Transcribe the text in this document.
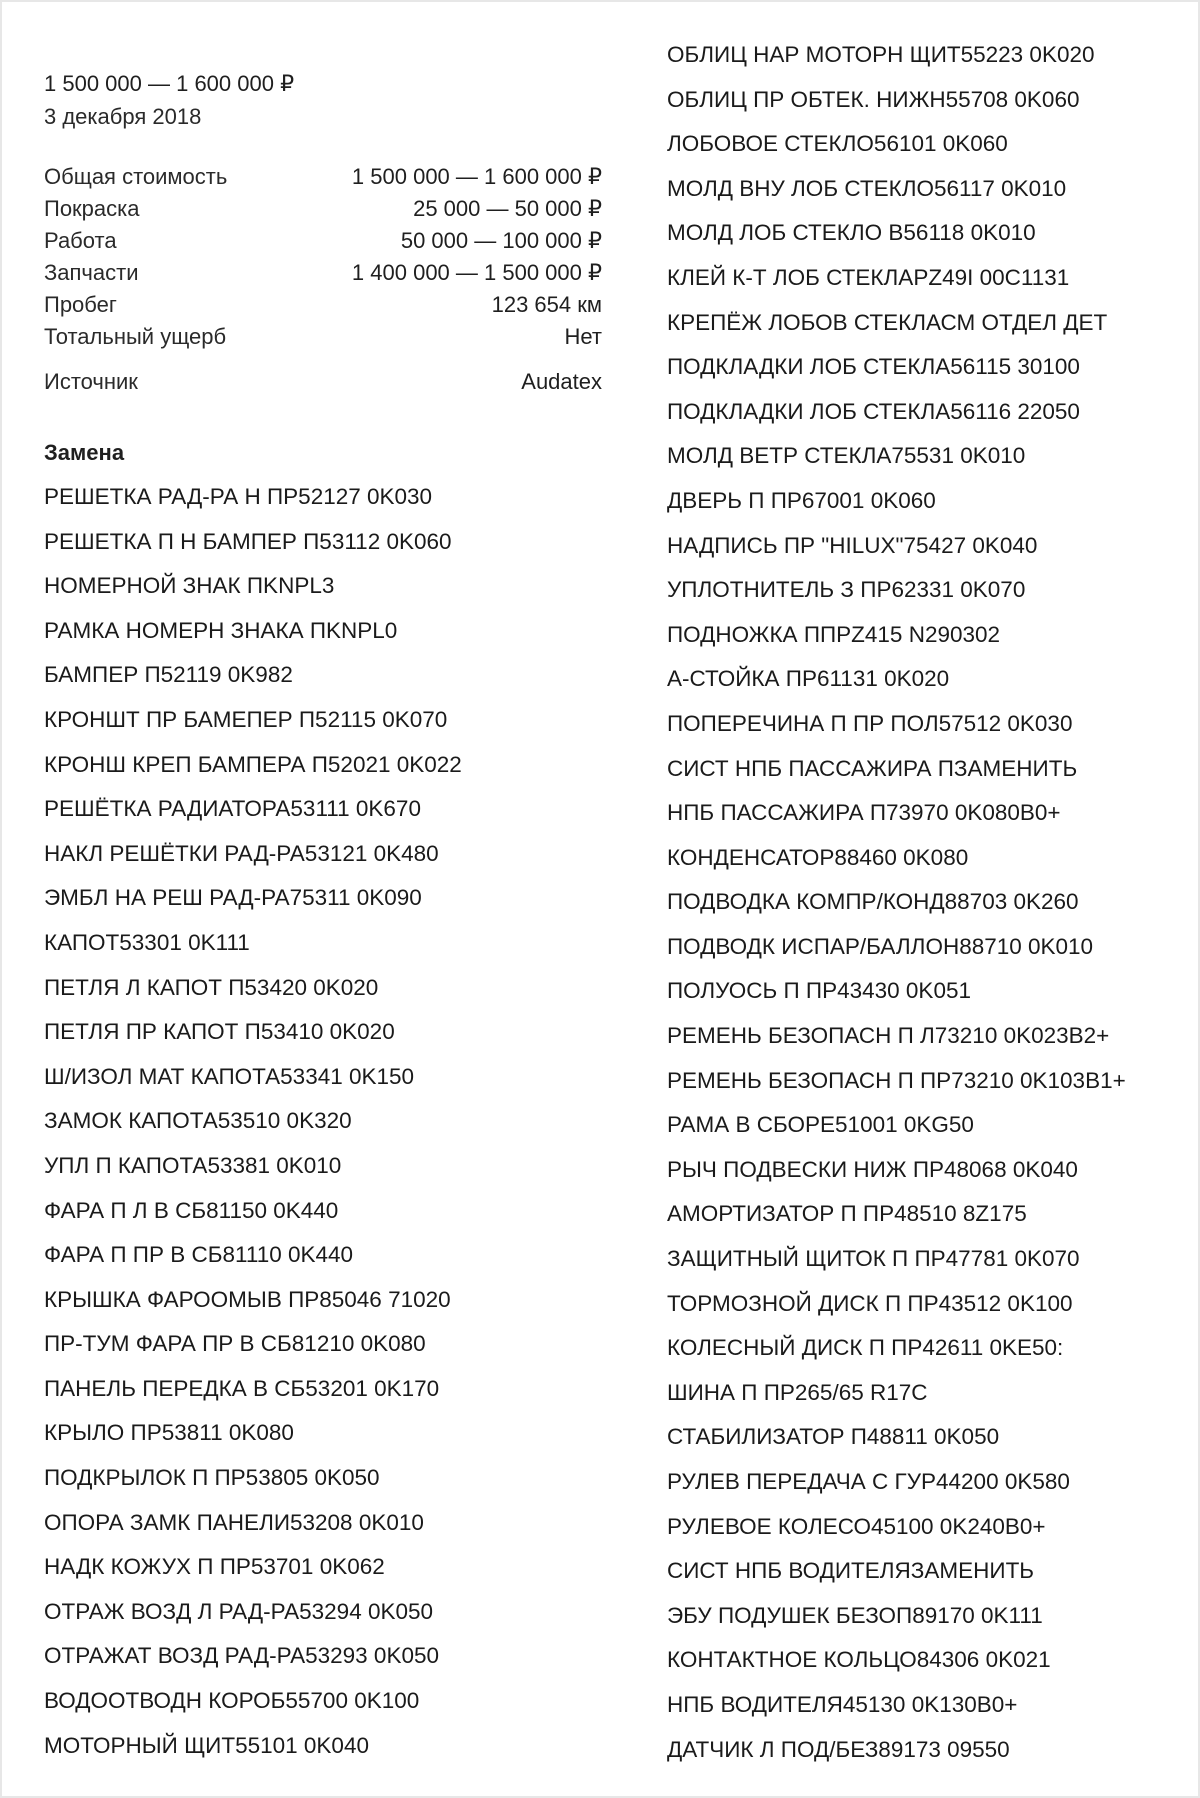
1 500 000 — 1 600 000 ₽
3 декабря 2018
Общая стоимость	1 500 000 — 1 600 000 ₽
Покраска	25 000 — 50 000 ₽
Работа	50 000 — 100 000 ₽
Запчасти	1 400 000 — 1 500 000 ₽
Пробег	123 654 км
Тотальный ущерб	Нет
Источник	Audatex
Замена
РЕШЕТКА РАД-РА Н ПР52127 0K030
РЕШЕТКА П Н БАМПЕР П53112 0K060
НОМЕРНОЙ ЗНАК ПKNPL3
РАМКА НОМЕРН ЗНАКА ПKNPL0
БАМПЕР П52119 0K982
КРОНШТ ПР БАМЕПЕР П52115 0K070
КРОНШ КРЕП БАМПЕРА П52021 0K022
РЕШЁТКА РАДИАТОРА53111 0K670
НАКЛ РЕШЁТКИ РАД-РА53121 0K480
ЭМБЛ НА РЕШ РАД-РА75311 0K090
КАПОТ53301 0K111
ПЕТЛЯ Л КАПОТ П53420 0K020
ПЕТЛЯ ПР КАПОТ П53410 0K020
Ш/ИЗОЛ МАТ КАПОТА53341 0K150
ЗАМОК КАПОТА53510 0K320
УПЛ П КАПОТА53381 0K010
ФАРА П Л В СБ81150 0K440
ФАРА П ПР В СБ81110 0K440
КРЫШКА ФАРООМЫВ ПР85046 71020
ПР-ТУМ ФАРА ПР В СБ81210 0K080
ПАНЕЛЬ ПЕРЕДКА В СБ53201 0K170
КРЫЛО ПР53811 0K080
ПОДКРЫЛОК П ПР53805 0K050
ОПОРА ЗАМК ПАНЕЛИ53208 0K010
НАДК КОЖУХ П ПР53701 0K062
ОТРАЖ ВОЗД Л РАД-РА53294 0K050
ОТРАЖАТ ВОЗД РАД-РА53293 0K050
ВОДООТВОДН КОРОБ55700 0K100
МОТОРНЫЙ ЩИТ55101 0K040
ОБЛИЦ НАР МОТОРН ЩИТ55223 0K020
ОБЛИЦ ПР ОБТЕК. НИЖН55708 0K060
ЛОБОВОЕ СТЕКЛО56101 0K060
МОЛД ВНУ ЛОБ СТЕКЛО56117 0K010
МОЛД ЛОБ СТЕКЛО В56118 0K010
КЛЕЙ К-Т ЛОБ СТЕКЛАРZ49I 00C1131
КРЕПЁЖ ЛОБОВ СТЕКЛАСМ ОТДЕЛ ДЕТ
ПОДКЛАДКИ ЛОБ СТЕКЛА56115 30100
ПОДКЛАДКИ ЛОБ СТЕКЛА56116 22050
МОЛД ВЕТР СТЕКЛА75531 0K010
ДВЕРЬ П ПР67001 0K060
НАДПИСЬ ПР "HILUX"75427 0K040
УПЛОТНИТЕЛЬ З ПР62331 0K070
ПОДНОЖКА ППРZ415 N290302
А-СТОЙКА ПР61131 0K020
ПОПЕРЕЧИНА П ПР ПОЛ57512 0K030
СИСТ НПБ ПАССАЖИРА ПЗАМЕНИТЬ
НПБ ПАССАЖИРА П73970 0K080B0+
КОНДЕНСАТОР88460 0K080
ПОДВОДКА КОМПР/КОНД88703 0K260
ПОДВОДК ИСПАР/БАЛЛОН88710 0K010
ПОЛУОСЬ П ПР43430 0K051
РЕМЕНЬ БЕЗОПАСН П Л73210 0K023B2+
РЕМЕНЬ БЕЗОПАСН П ПР73210 0K103B1+
РАМА В СБОРЕ51001 0KG50
РЫЧ ПОДВЕСКИ НИЖ ПР48068 0K040
АМОРТИЗАТОР П ПР48510 8Z175
ЗАЩИТНЫЙ ЩИТОК П ПР47781 0K070
ТОРМОЗНОЙ ДИСК П ПР43512 0K100
КОЛЕСНЫЙ ДИСК П ПР42611 0KE50:
ШИНА П ПР265/65 R17C
СТАБИЛИЗАТОР П48811 0K050
РУЛЕВ ПЕРЕДАЧА С ГУР44200 0K580
РУЛЕВОЕ КОЛЕСО45100 0K240B0+
СИСТ НПБ ВОДИТЕЛЯЗАМЕНИТЬ
ЭБУ ПОДУШЕК БЕЗОП89170 0K111
КОНТАКТНОЕ КОЛЬЦО84306 0K021
НПБ ВОДИТЕЛЯ45130 0K130B0+
ДАТЧИК Л ПОД/БЕЗ89173 09550
